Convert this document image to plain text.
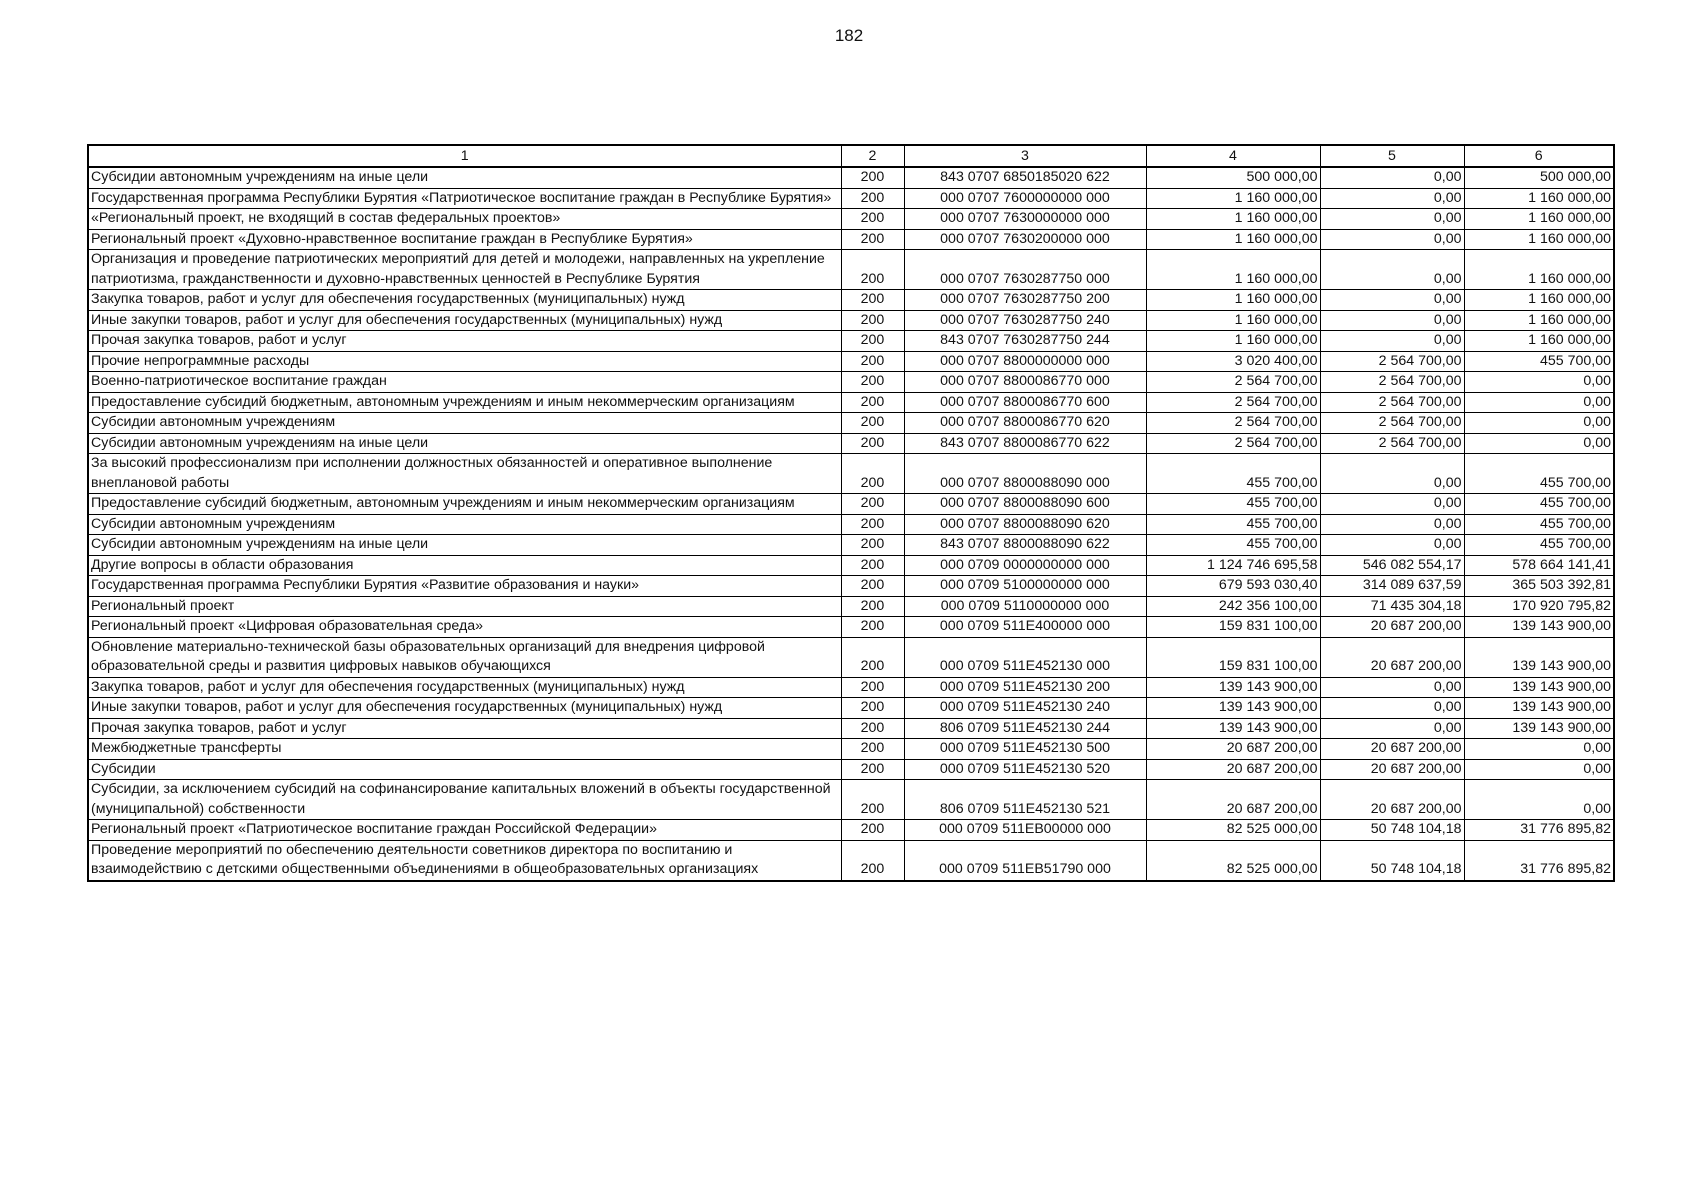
182
1	2	3	4	5	6
Субсидии автономным учреждениям на иные цели	200	843 0707 6850185020 622	500 000,00	0,00	500 000,00
Государственная программа Республики Бурятия «Патриотическое воспитание граждан в Республике Бурятия»	200	000 0707 7600000000 000	1 160 000,00	0,00	1 160 000,00
«Региональный проект, не входящий в состав федеральных проектов»	200	000 0707 7630000000 000	1 160 000,00	0,00	1 160 000,00
Региональный проект «Духовно-нравственное воспитание граждан в Республике Бурятия»	200	000 0707 7630200000 000	1 160 000,00	0,00	1 160 000,00
Организация и проведение патриотических мероприятий для детей и молодежи, направленных на укрепление патриотизма, гражданственности и духовно-нравственных ценностей в Республике Бурятия	200	000 0707 7630287750 000	1 160 000,00	0,00	1 160 000,00
Закупка товаров, работ и услуг для обеспечения государственных (муниципальных) нужд	200	000 0707 7630287750 200	1 160 000,00	0,00	1 160 000,00
Иные закупки товаров, работ и услуг для обеспечения государственных (муниципальных) нужд	200	000 0707 7630287750 240	1 160 000,00	0,00	1 160 000,00
Прочая закупка товаров, работ и услуг	200	843 0707 7630287750 244	1 160 000,00	0,00	1 160 000,00
Прочие непрограммные расходы	200	000 0707 8800000000 000	3 020 400,00	2 564 700,00	455 700,00
Военно-патриотическое воспитание граждан	200	000 0707 8800086770 000	2 564 700,00	2 564 700,00	0,00
Предоставление субсидий бюджетным, автономным учреждениям и иным некоммерческим организациям	200	000 0707 8800086770 600	2 564 700,00	2 564 700,00	0,00
Субсидии автономным учреждениям	200	000 0707 8800086770 620	2 564 700,00	2 564 700,00	0,00
Субсидии автономным учреждениям на иные цели	200	843 0707 8800086770 622	2 564 700,00	2 564 700,00	0,00
За высокий профессионализм при исполнении должностных обязанностей и оперативное выполнение внеплановой работы	200	000 0707 8800088090 000	455 700,00	0,00	455 700,00
Предоставление субсидий бюджетным, автономным учреждениям и иным некоммерческим организациям	200	000 0707 8800088090 600	455 700,00	0,00	455 700,00
Субсидии автономным учреждениям	200	000 0707 8800088090 620	455 700,00	0,00	455 700,00
Субсидии автономным учреждениям на иные цели	200	843 0707 8800088090 622	455 700,00	0,00	455 700,00
Другие вопросы в области образования	200	000 0709 0000000000 000	1 124 746 695,58	546 082 554,17	578 664 141,41
Государственная программа Республики Бурятия «Развитие образования и науки»	200	000 0709 5100000000 000	679 593 030,40	314 089 637,59	365 503 392,81
Региональный проект	200	000 0709 5110000000 000	242 356 100,00	71 435 304,18	170 920 795,82
Региональный проект «Цифровая образовательная среда»	200	000 0709 511E400000 000	159 831 100,00	20 687 200,00	139 143 900,00
Обновление материально-технической базы образовательных организаций для внедрения цифровой образовательной среды и развития цифровых навыков обучающихся	200	000 0709 511E452130 000	159 831 100,00	20 687 200,00	139 143 900,00
Закупка товаров, работ и услуг для обеспечения государственных (муниципальных) нужд	200	000 0709 511E452130 200	139 143 900,00	0,00	139 143 900,00
Иные закупки товаров, работ и услуг для обеспечения государственных (муниципальных) нужд	200	000 0709 511E452130 240	139 143 900,00	0,00	139 143 900,00
Прочая закупка товаров, работ и услуг	200	806 0709 511E452130 244	139 143 900,00	0,00	139 143 900,00
Межбюджетные трансферты	200	000 0709 511E452130 500	20 687 200,00	20 687 200,00	0,00
Субсидии	200	000 0709 511E452130 520	20 687 200,00	20 687 200,00	0,00
Субсидии, за исключением субсидий на софинансирование капитальных вложений в объекты государственной (муниципальной) собственности	200	806 0709 511E452130 521	20 687 200,00	20 687 200,00	0,00
Региональный проект «Патриотическое воспитание граждан Российской Федерации»	200	000 0709 511EB00000 000	82 525 000,00	50 748 104,18	31 776 895,82
Проведение мероприятий по обеспечению деятельности советников директора по воспитанию и взаимодействию с детскими общественными объединениями в общеобразовательных организациях	200	000 0709 511EB51790 000	82 525 000,00	50 748 104,18	31 776 895,82
